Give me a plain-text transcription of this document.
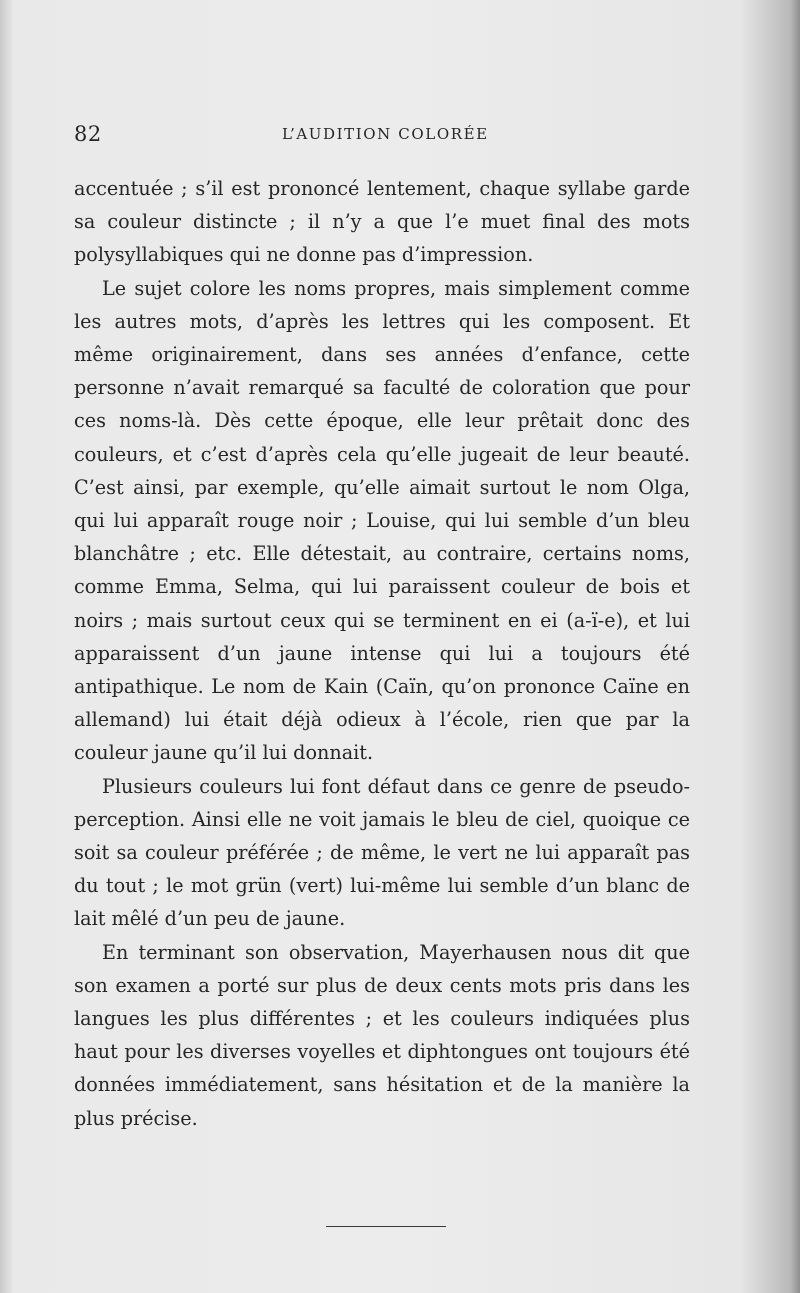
82	L’AUDITION COLORÉE

accentuée ; s’il est prononcé lentement, chaque syllabe garde sa couleur distincte ; il n’y a que l’e muet final des mots polysyllabiques qui ne donne pas d’impression.

Le sujet colore les noms propres, mais simplement comme les autres mots, d’après les lettres qui les composent. Et même originairement, dans ses années d’enfance, cette personne n’avait remarqué sa faculté de coloration que pour ces noms-là. Dès cette époque, elle leur prêtait donc des couleurs, et c’est d’après cela qu’elle jugeait de leur beauté. C’est ainsi, par exemple, qu’elle aimait surtout le nom Olga, qui lui apparaît rouge noir ; Louise, qui lui semble d’un bleu blanchâtre ; etc. Elle détestait, au contraire, certains noms, comme Emma, Selma, qui lui paraissent couleur de bois et noirs ; mais surtout ceux qui se terminent en ei (a-ï-e), et lui apparaissent d’un jaune intense qui lui a toujours été antipathique. Le nom de Kain (Caïn, qu’on prononce Caïne en allemand) lui était déjà odieux à l’école, rien que par la couleur jaune qu’il lui donnait.

Plusieurs couleurs lui font défaut dans ce genre de pseudo-perception. Ainsi elle ne voit jamais le bleu de ciel, quoique ce soit sa couleur préférée ; de même, le vert ne lui apparaît pas du tout ; le mot grün (vert) lui-même lui semble d’un blanc de lait mêlé d’un peu de jaune.

En terminant son observation, Mayerhausen nous dit que son examen a porté sur plus de deux cents mots pris dans les langues les plus différentes ; et les couleurs indiquées plus haut pour les diverses voyelles et diphtongues ont toujours été données immédiatement, sans hésitation et de la manière la plus précise.
